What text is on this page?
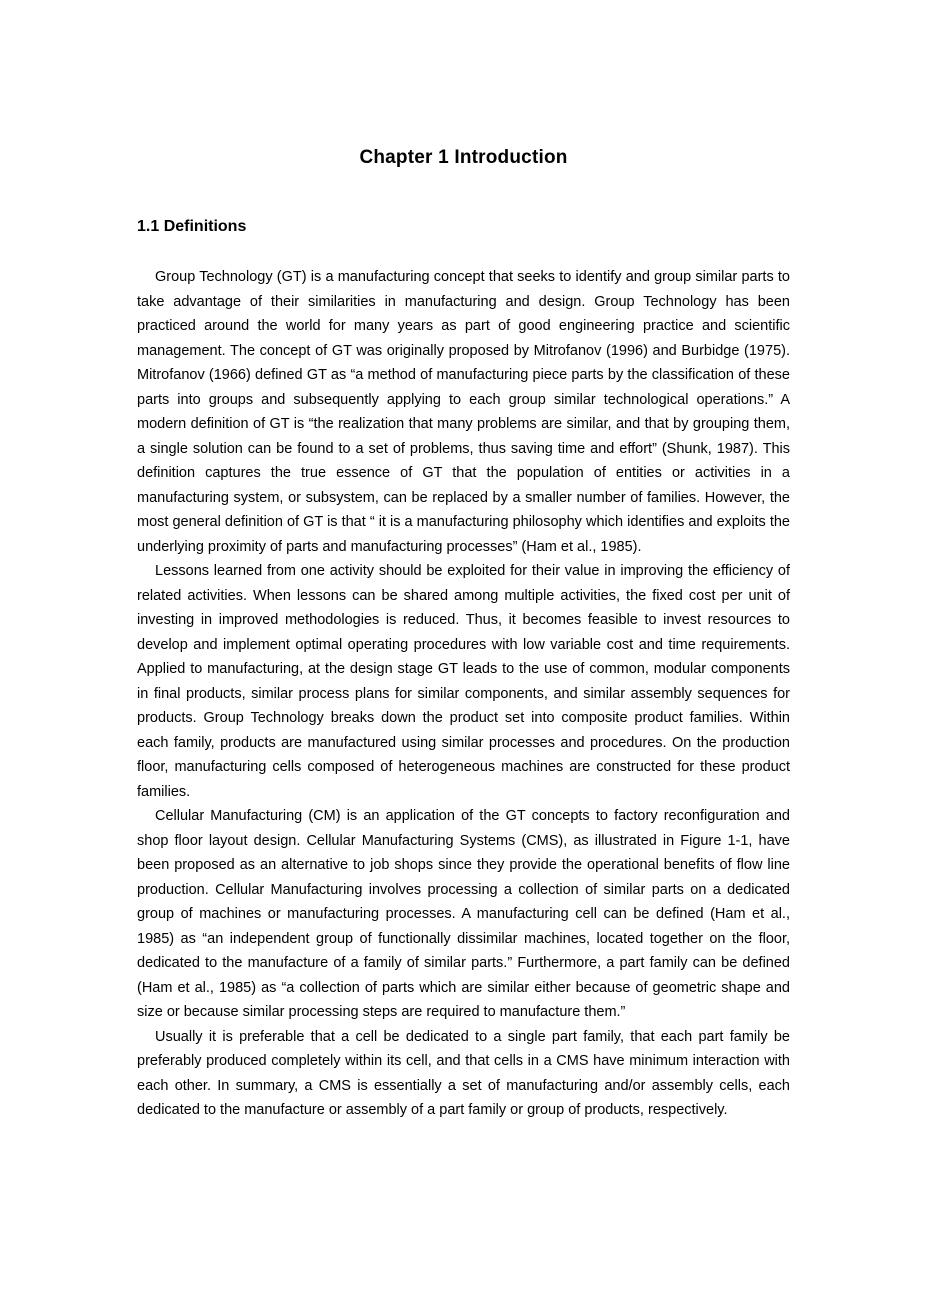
Chapter 1 Introduction
1.1 Definitions

Group Technology (GT) is a manufacturing concept that seeks to identify and group similar parts to take advantage of their similarities in manufacturing and design. Group Technology has been practiced around the world for many years as part of good engineering practice and scientific management. The concept of GT was originally proposed by Mitrofanov (1996) and Burbidge (1975). Mitrofanov (1966) defined GT as “a method of manufacturing piece parts by the classification of these parts into groups and subsequently applying to each group similar technological operations.” A modern definition of GT is “the realization that many problems are similar, and that by grouping them, a single solution can be found to a set of problems, thus saving time and effort” (Shunk, 1987). This definition captures the true essence of GT that the population of entities or activities in a manufacturing system, or subsystem, can be replaced by a smaller number of families. However, the most general definition of GT is that “ it is a manufacturing philosophy which identifies and exploits the underlying proximity of parts and manufacturing processes” (Ham et al., 1985).

Lessons learned from one activity should be exploited for their value in improving the efficiency of related activities. When lessons can be shared among multiple activities, the fixed cost per unit of investing in improved methodologies is reduced. Thus, it becomes feasible to invest resources to develop and implement optimal operating procedures with low variable cost and time requirements. Applied to manufacturing, at the design stage GT leads to the use of common, modular components in final products, similar process plans for similar components, and similar assembly sequences for products. Group Technology breaks down the product set into composite product families. Within each family, products are manufactured using similar processes and procedures. On the production floor, manufacturing cells composed of heterogeneous machines are constructed for these product families.

Cellular Manufacturing (CM) is an application of the GT concepts to factory reconfiguration and shop floor layout design. Cellular Manufacturing Systems (CMS), as illustrated in Figure 1-1, have been proposed as an alternative to job shops since they provide the operational benefits of flow line production. Cellular Manufacturing involves processing a collection of similar parts on a dedicated group of machines or manufacturing processes. A manufacturing cell can be defined (Ham et al., 1985) as “an independent group of functionally dissimilar machines, located together on the floor, dedicated to the manufacture of a family of similar parts.” Furthermore, a part family can be defined (Ham et al., 1985) as “a collection of parts which are similar either because of geometric shape and size or because similar processing steps are required to manufacture them.”

Usually it is preferable that a cell be dedicated to a single part family, that each part family be preferably produced completely within its cell, and that cells in a CMS have minimum interaction with each other. In summary, a CMS is essentially a set of manufacturing and/or assembly cells, each dedicated to the manufacture or assembly of a part family or group of products, respectively.
